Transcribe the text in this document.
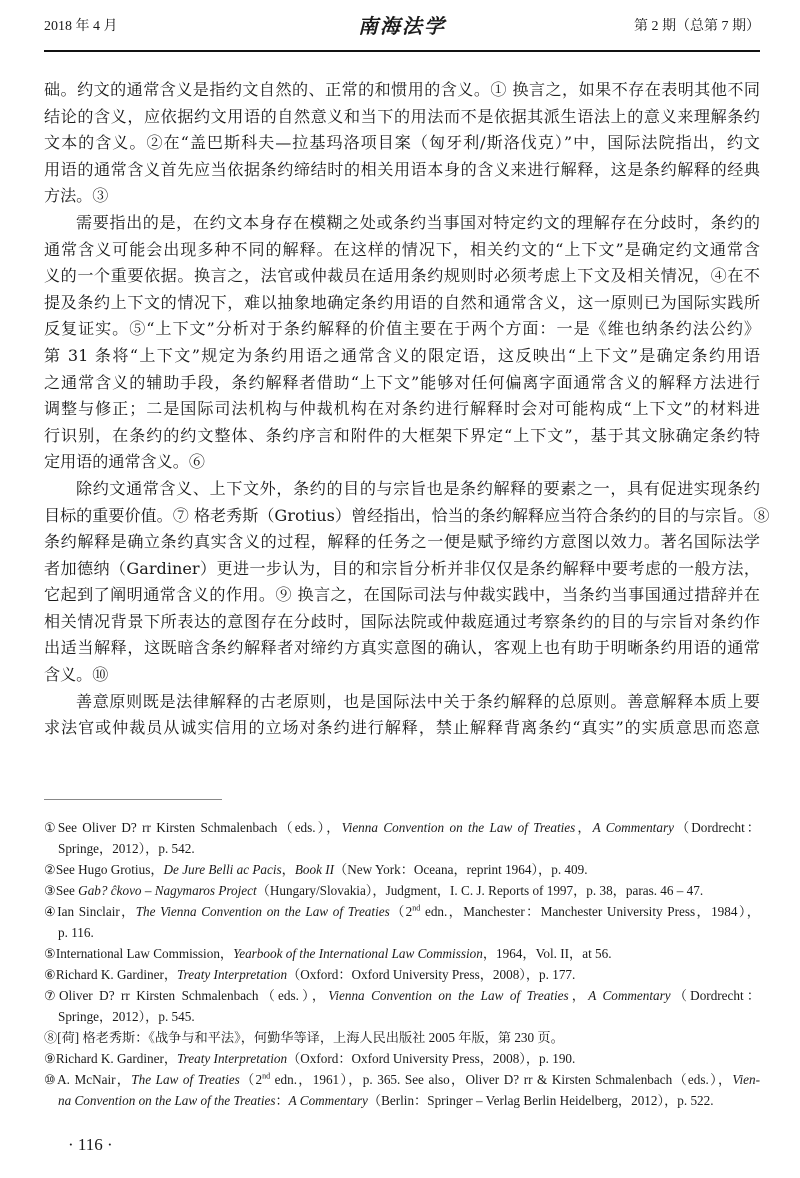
2018 年 4 月	南海法学	第 2 期（总第 7 期）
础。约文的通常含义是指约文自然的、正常的和惯用的含义。① 换言之，如果不存在表明其他不同
结论的含义，应依据约文用语的自然意义和当下的用法而不是依据其派生语法上的意义来理解条约
文本的含义。②在“盖巴斯科夫—拉基玛洛项目案（匈牙利/斯洛伐克）”中，国际法院指出，约文
用语的通常含义首先应当依据条约缔结时的相关用语本身的含义来进行解释，这是条约解释的经典
方法。③
需要指出的是，在约文本身存在模糊之处或条约当事国对特定约文的理解存在分歧时，条约的
通常含义可能会出现多种不同的解释。在这样的情况下，相关约文的“上下文”是确定约文通常含
义的一个重要依据。换言之，法官或仲裁员在适用条约规则时必须考虑上下文及相关情况，④在不
提及条约上下文的情况下，难以抽象地确定条约用语的自然和通常含义，这一原则已为国际实践所
反复证实。⑤“上下文”分析对于条约解释的价值主要在于两个方面：一是《维也纳条约法公约》
第 31 条将“上下文”规定为条约用语之通常含义的限定语，这反映出“上下文”是确定条约用语
之通常含义的辅助手段，条约解释者借助“上下文”能够对任何偏离字面通常含义的解释方法进行
调整与修正；二是国际司法机构与仲裁机构在对条约进行解释时会对可能构成“上下文”的材料进
行识别，在条约的约文整体、条约序言和附件的大框架下界定“上下文”，基于其文脉确定条约特
定用语的通常含义。⑥
除约文通常含义、上下文外，条约的目的与宗旨也是条约解释的要素之一，具有促进实现条约
目标的重要价值。⑦ 格老秀斯（Grotius）曾经指出，恰当的条约解释应当符合条约的目的与宗旨。⑧
条约解释是确立条约真实含义的过程，解释的任务之一便是赋予缔约方意图以效力。著名国际法学
者加德纳（Gardiner）更进一步认为，目的和宗旨分析并非仅仅是条约解释中要考虑的一般方法，
它起到了阐明通常含义的作用。⑨ 换言之，在国际司法与仲裁实践中，当条约当事国通过措辞并在
相关情况背景下所表达的意图存在分歧时，国际法院或仲裁庭通过考察条约的目的与宗旨对条约作
出适当解释，这既暗含条约解释者对缔约方真实意图的确认，客观上也有助于明晰条约用语的通常
含义。⑩
善意原则既是法律解释的古老原则，也是国际法中关于条约解释的总原则。善意解释本质上要
求法官或仲裁员从诚实信用的立场对条约进行解释，禁止解释背离条约“真实”的实质意思而恣意
①See Oliver D? rr Kirsten Schmalenbach（eds.），Vienna Convention on the Law of Treaties，A Commentary（Dordrecht：
Springe，2012），p. 542.
②See Hugo Grotius，De Jure Belli ac Pacis，Book II（New York：Oceana，reprint 1964），p. 409.
③See Gab? ĉkovo – Nagymaros Project（Hungary/Slovakia），Judgment，I. C. J. Reports of 1997，p. 38，paras. 46 – 47.
④Ian Sinclair，The Vienna Convention on the Law of Treaties（2nd edn.，Manchester：Manchester University Press，1984），
p. 116.
⑤International Law Commission，Yearbook of the International Law Commission，1964，Vol. II，at 56.
⑥Richard K. Gardiner，Treaty Interpretation（Oxford：Oxford University Press，2008），p. 177.
⑦Oliver D? rr Kirsten Schmalenbach（eds.），Vienna Convention on the Law of Treaties，A Commentary（Dordrecht：
Springe，2012），p. 545.
⑧[荷] 格老秀斯：《战争与和平法》，何勤华等译，上海人民出版社 2005 年版，第 230 页。
⑨Richard K. Gardiner，Treaty Interpretation（Oxford：Oxford University Press，2008），p. 190.
⑩A. McNair，The Law of Treaties（2nd edn.，1961），p. 365. See also，Oliver D? rr & Kirsten Schmalenbach（eds.），Vien-
na Convention on the Law of the Treaties：A Commentary（Berlin：Springer – Verlag Berlin Heidelberg，2012），p. 522.
· 116 ·
